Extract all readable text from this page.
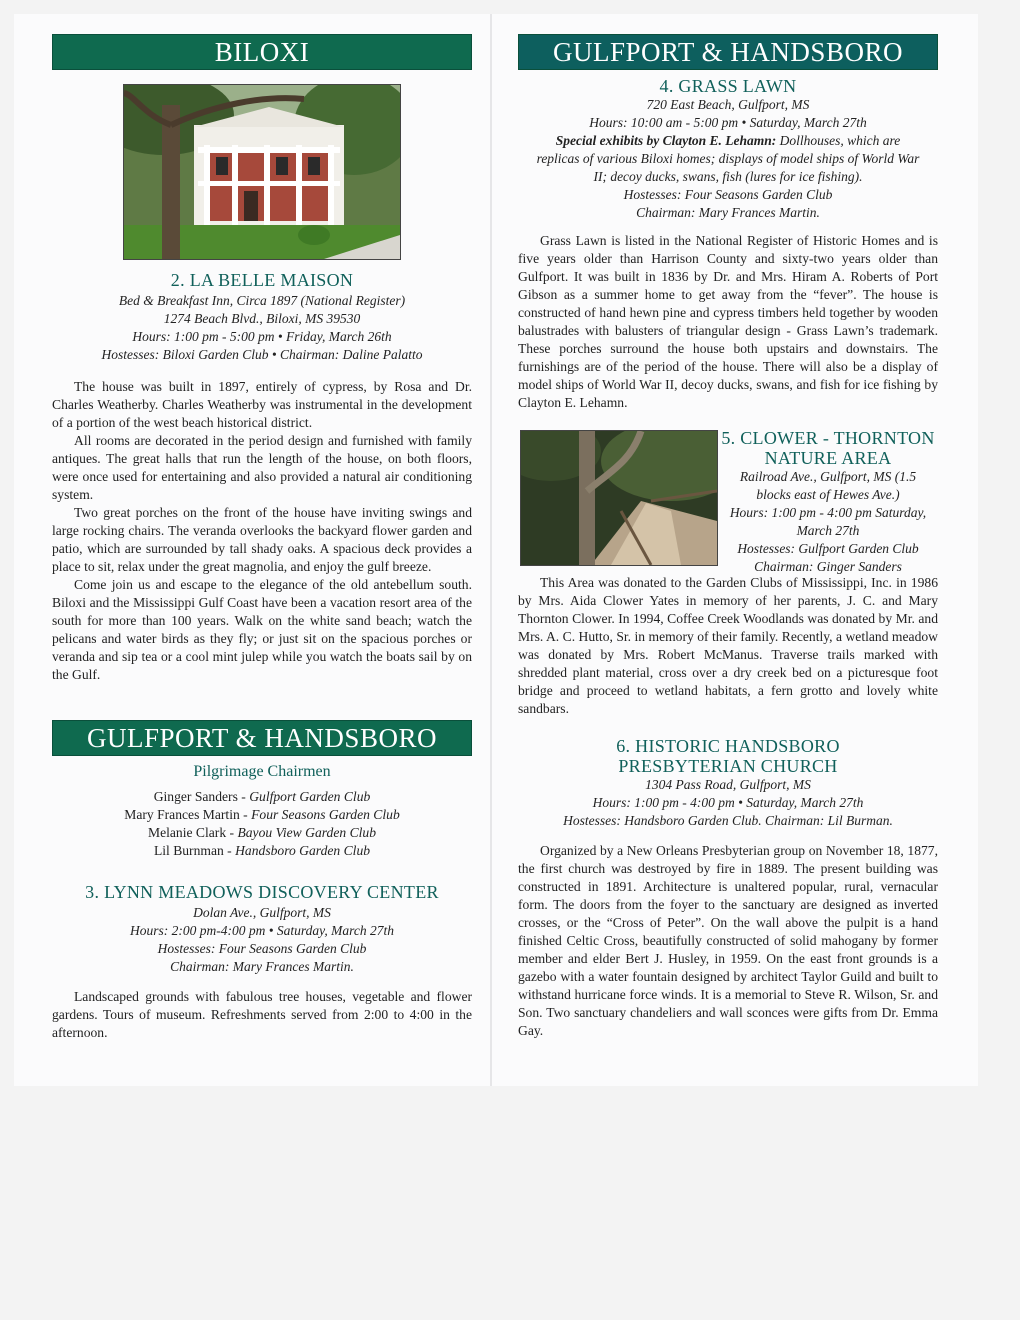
BILOXI
2. LA BELLE MAISON
Bed & Breakfast Inn, Circa 1897 (National Register)
1274 Beach Blvd., Biloxi, MS 39530
Hours: 1:00 pm - 5:00 pm • Friday, March 26th
Hostesses: Biloxi Garden Club • Chairman: Daline Palatto

The house was built in 1897, entirely of cypress, by Rosa and Dr. Charles Weatherby. Charles Weatherby was instrumental in the development of a portion of the west beach historical district.

All rooms are decorated in the period design and furnished with family antiques. The great halls that run the length of the house, on both floors, were once used for entertaining and also provided a natural air conditioning system.

Two great porches on the front of the house have inviting swings and large rocking chairs. The veranda overlooks the backyard flower garden and patio, which are surrounded by tall shady oaks. A spacious deck provides a place to sit, relax under the great magnolia, and enjoy the gulf breeze.

Come join us and escape to the elegance of the old antebellum south. Biloxi and the Mississippi Gulf Coast have been a vacation resort area of the south for more than 100 years. Walk on the white sand beach; watch the pelicans and water birds as they fly; or just sit on the spacious porches or veranda and sip tea or a cool mint julep while you watch the boats sail by on the Gulf.

GULFPORT & HANDSBORO
Pilgrimage Chairmen
Ginger Sanders - Gulfport Garden Club
Mary Frances Martin - Four Seasons Garden Club
Melanie Clark - Bayou View Garden Club
Lil Burnman - Handsboro Garden Club
3. LYNN MEADOWS DISCOVERY CENTER
Dolan Ave., Gulfport, MS
Hours: 2:00 pm-4:00 pm • Saturday, March 27th
Hostesses: Four Seasons Garden Club
Chairman: Mary Frances Martin.

Landscaped grounds with fabulous tree houses, vegetable and flower gardens. Tours of museum. Refreshments served from 2:00 to 4:00 in the afternoon.

GULFPORT & HANDSBORO
4. GRASS LAWN
720 East Beach, Gulfport, MS
Hours: 10:00 am - 5:00 pm • Saturday, March 27th
Special exhibits by Clayton E. Lehamn: Dollhouses, which are replicas of various Biloxi homes; displays of model ships of World War II; decoy ducks, swans, fish (lures for ice fishing).
Hostesses: Four Seasons Garden Club
Chairman: Mary Frances Martin.

Grass Lawn is listed in the National Register of Historic Homes and is five years older than Harrison County and sixty-two years older than Gulfport. It was built in 1836 by Dr. and Mrs. Hiram A. Roberts of Port Gibson as a summer home to get away from the “fever”. The house is constructed of hand hewn pine and cypress timbers held together by wooden balustrades with balusters of triangular design - Grass Lawn’s trademark. These porches surround the house both upstairs and downstairs. The furnishings are of the period of the house. There will also be a display of model ships of World War II, decoy ducks, swans, and fish for ice fishing by Clayton E. Lehamn.

5. CLOWER - THORNTON
NATURE AREA
Railroad Ave., Gulfport, MS (1.5
blocks east of Hewes Ave.)
Hours: 1:00 pm - 4:00 pm Saturday,
March 27th
Hostesses: Gulfport Garden Club
Chairman: Ginger Sanders

This Area was donated to the Garden Clubs of Mississippi, Inc. in 1986 by Mrs. Aida Clower Yates in memory of her parents, J. C. and Mary Thornton Clower. In 1994, Coffee Creek Woodlands was donated by Mr. and Mrs. A. C. Hutto, Sr. in memory of their family. Recently, a wetland meadow was donated by Mrs. Robert McManus. Traverse trails marked with shredded plant material, cross over a dry creek bed on a picturesque foot bridge and proceed to wetland habitats, a fern grotto and lovely white sandbars.

6. HISTORIC HANDSBORO
PRESBYTERIAN CHURCH
1304 Pass Road, Gulfport, MS
Hours: 1:00 pm - 4:00 pm • Saturday, March 27th
Hostesses: Handsboro Garden Club. Chairman: Lil Burman.

Organized by a New Orleans Presbyterian group on November 18, 1877, the first church was destroyed by fire in 1889. The present building was constructed in 1891. Architecture is unaltered popular, rural, vernacular form. The doors from the foyer to the sanctuary are designed as inverted crosses, or the “Cross of Peter”. On the wall above the pulpit is a hand finished Celtic Cross, beautifully constructed of solid mahogany by former member and elder Bert J. Husley, in 1959. On the east front grounds is a gazebo with a water fountain designed by architect Taylor Guild and built to withstand hurricane force winds. It is a memorial to Steve R. Wilson, Sr. and Son. Two sanctuary chandeliers and wall sconces were gifts from Dr. Emma Gay.
